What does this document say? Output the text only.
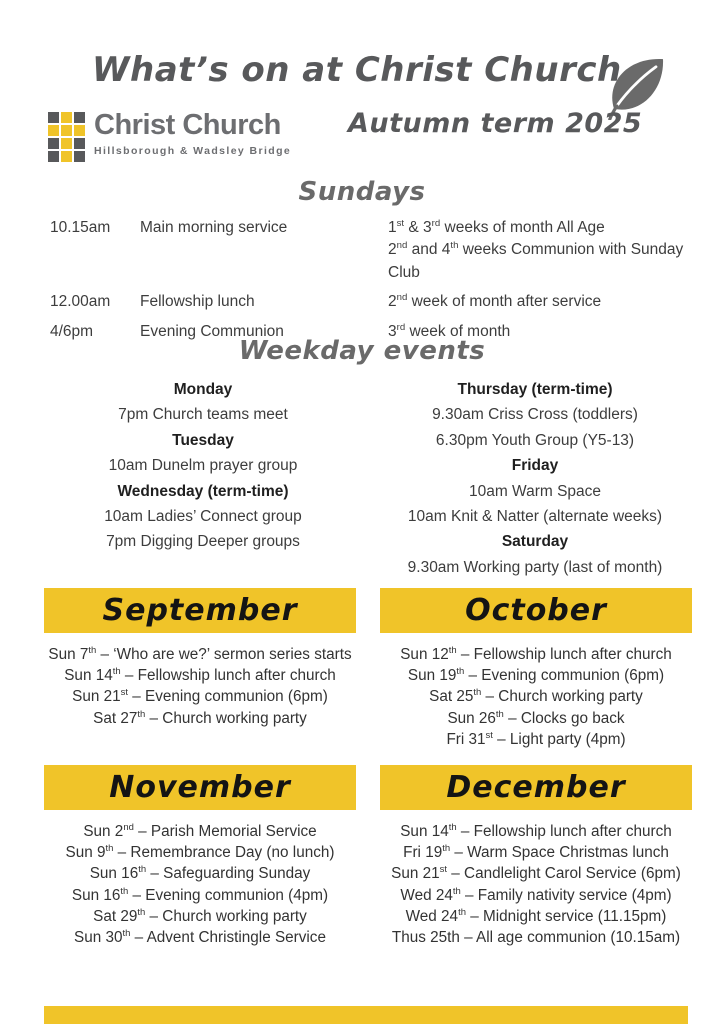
What’s on at Christ Church
Christ Church
Hillsborough & Wadsley Bridge
Autumn term 2025
Sundays
10.15am	Main morning service	1st & 3rd weeks of month All Age
2nd and 4th weeks Communion with Sunday Club
12.00am	Fellowship lunch	2nd week of month after service
4/6pm	Evening Communion	3rd week of month
Weekday events
Monday
7pm Church teams meet
Tuesday
10am Dunelm prayer group
Wednesday (term-time)
10am Ladies’ Connect group
7pm Digging Deeper groups
Thursday (term-time)
9.30am Criss Cross (toddlers)
6.30pm Youth Group (Y5-13)
Friday
10am Warm Space
10am Knit & Natter (alternate weeks)
Saturday
9.30am Working party (last of month)
September
Sun 7th – ‘Who are we?’ sermon series starts
Sun 14th – Fellowship lunch after church
Sun 21st – Evening communion (6pm)
Sat 27th – Church working party
October
Sun 12th – Fellowship lunch after church
Sun 19th – Evening communion (6pm)
Sat 25th – Church working party
Sun 26th – Clocks go back
Fri 31st – Light party (4pm)
November
Sun 2nd – Parish Memorial Service
Sun 9th – Remembrance Day (no lunch)
Sun 16th – Safeguarding Sunday
Sun 16th – Evening communion (4pm)
Sat 29th – Church working party
Sun 30th – Advent Christingle Service
December
Sun 14th – Fellowship lunch after church
Fri 19th – Warm Space Christmas lunch
Sun 21st – Candlelight Carol Service (6pm)
Wed 24th – Family nativity service (4pm)
Wed 24th – Midnight service (11.15pm)
Thus 25th – All age communion (10.15am)
